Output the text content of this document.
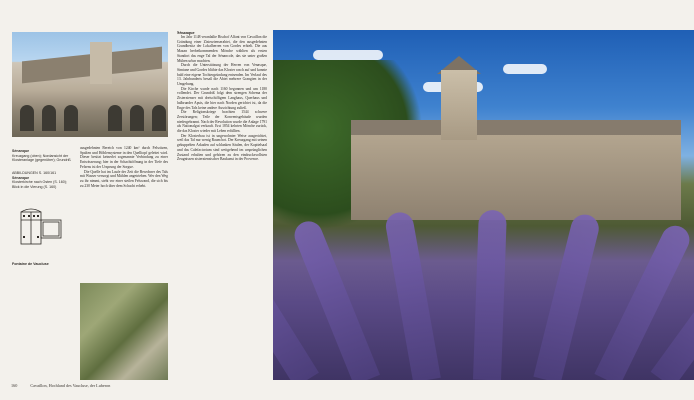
Sénanque
Kreuzgang (oben); Nordansicht der Klosteranlage (gegenüber); Grundriß
ABBILDUNGEN S. 160/161
Sénanque
Klosterkirche nach Osten (S. 160); Blick in die Vierung (S. 160)
Fontaine de Vaucluse
ausgedehnten Bereich von 1240 km² durch Felsritzen, Spalten und Höhlensysteme in den Quelltopf geleitet wird. Dieser besitzt keinerlei sogenannte Verbindung zu einer Entwässerung; hier in der Schachtöffnung in der Tiefe des Felsens ist der Ursprung der Sorgue.
Die Quelle hat im Laufe der Zeit die Bewohner des Tals mit Wasser versorgt und Mühlen angetrieben. Wer den Weg zu ihr nimmt, steht vor einer steilen Felswand, die sich bis zu 230 Meter hoch über dem Schacht erhebt.
Sénanque
Im Jahr 1148 veranlaßte Bischof Alfant von Cavaillon die Gründung einer Zisterzienserabtei, die den ausgedehnten Grundbesitz der Lokalherren von Gordes erhielt. Die aus Mazan herbeikommenden Mönche wählten als ersten Standort das enge Tal der Sénancole, das sie unter großen Mühen urbar machten.
Durch die Unterstützung der Herren von Venasque, Simiane und Gordes blühte das Kloster rasch auf und konnte bald eine eigene Tochtergründung entsenden. Im Verlauf des 13. Jahrhunderts besaß die Abtei mehrere Grangien in der Umgebung.
Die Kirche wurde nach 1160 begonnen und um 1180 vollendet. Der Grundriß folgt dem strengen Schema der Zisterzienser mit dreischiffigem Langhaus, Querhaus und halbrunder Apsis, die hier nach Norden gerichtet ist, da die Enge des Tals keine andere Ausrichtung zuließ.
Die Religionskriege brachten 1544 schwere Zerstörungen; Teile der Konventsgebäude wurden niedergebrannt. Nach der Revolution wurde die Anlage 1791 als Nationalgut verkauft. Erst 1854 kehrten Mönche zurück, die das Kloster wieder mit Leben erfüllten.
Der Klosterbau ist in ungewohnter Weise ausgerichtet, weil das Tal nur wenig Raum bot. Der Kreuzgang mit seinen gekuppelten Arkaden auf schlanken Säulen, der Kapitelsaal und das Calefactorium sind weitgehend im ursprünglichen Zustand erhalten und gehören zu den eindrucksvollsten Zeugnissen zisterziensischer Baukunst in der Provence.
160	Cavaillon, Hochland des Vaucluse, der Luberon
